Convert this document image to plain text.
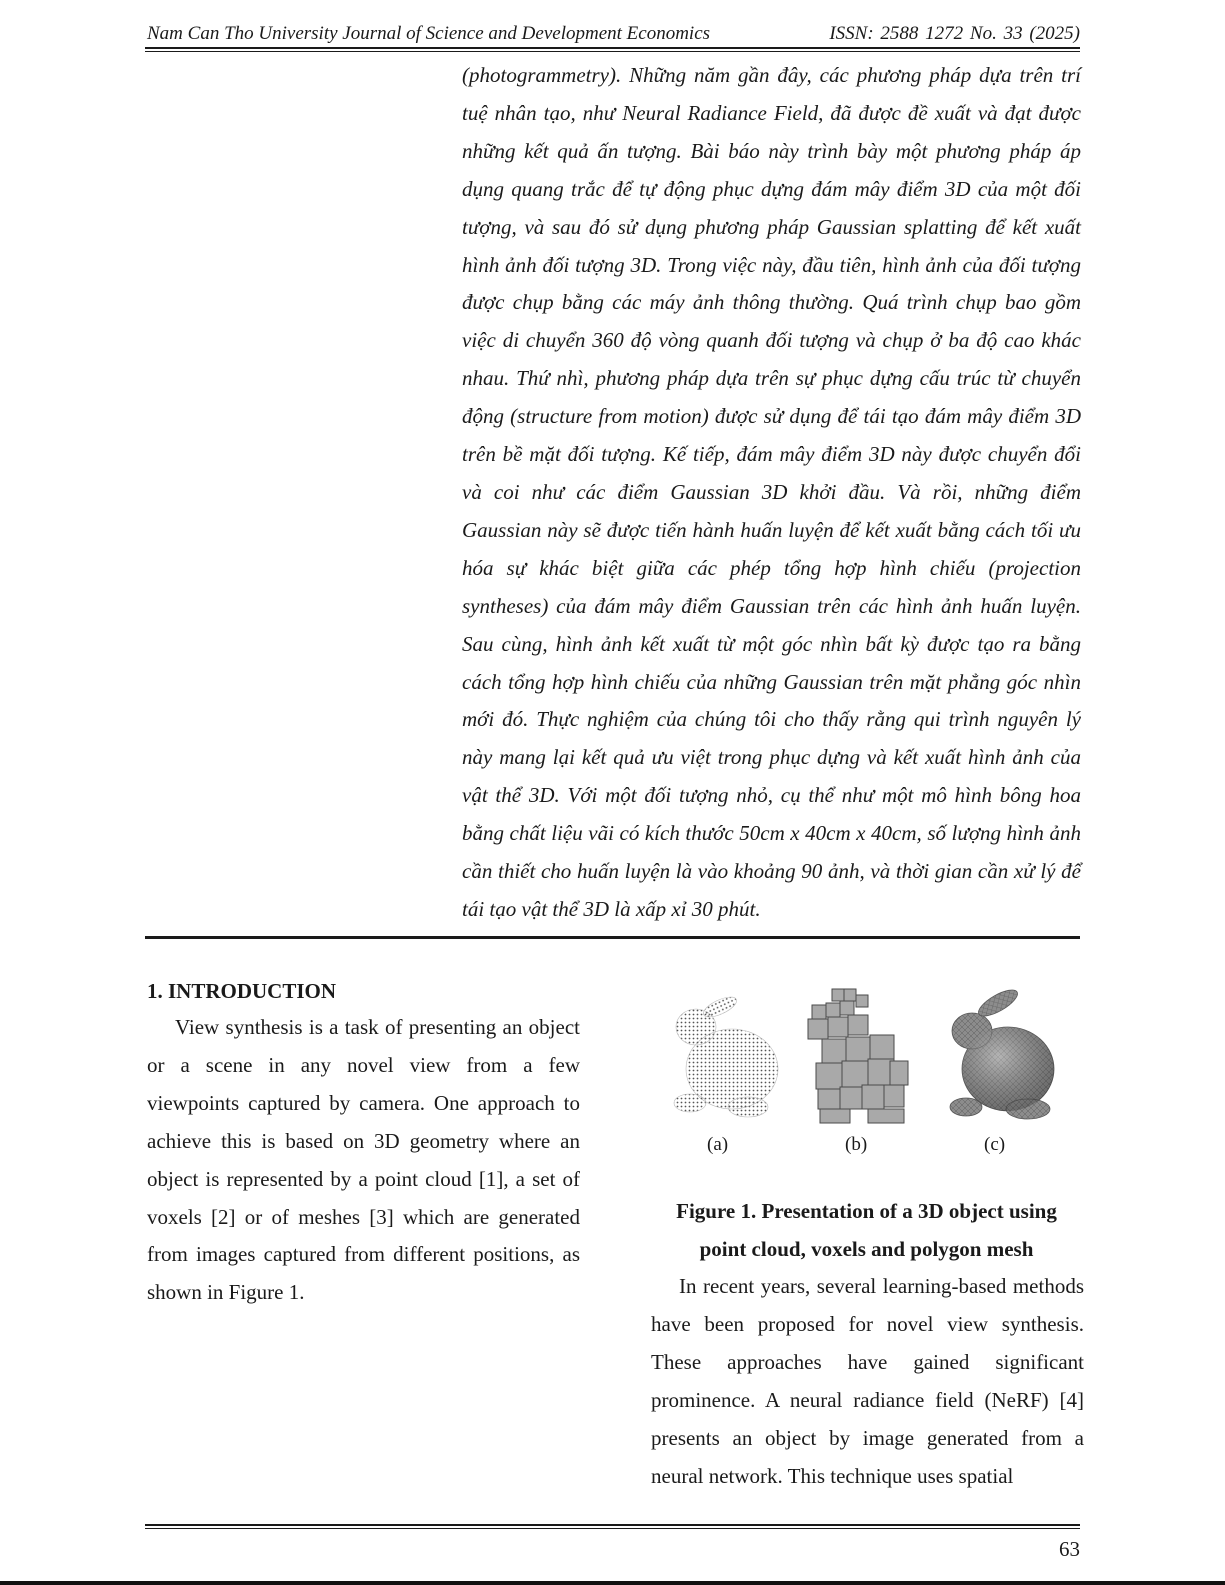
Nam Can Tho University Journal of Science and Development Economics	ISSN: 2588 1272 No. 33 (2025)

(photogrammetry). Những năm gần đây, các phương pháp dựa trên trí tuệ nhân tạo, như Neural Radiance Field, đã được đề xuất và đạt được những kết quả ấn tượng. Bài báo này trình bày một phương pháp áp dụng quang trắc để tự động phục dựng đám mây điểm 3D của một đối tượng, và sau đó sử dụng phương pháp Gaussian splatting để kết xuất hình ảnh đối tượng 3D. Trong việc này, đầu tiên, hình ảnh của đối tượng được chụp bằng các máy ảnh thông thường. Quá trình chụp bao gồm việc di chuyển 360 độ vòng quanh đối tượng và chụp ở ba độ cao khác nhau. Thứ nhì, phương pháp dựa trên sự phục dựng cấu trúc từ chuyển động (structure from motion) được sử dụng để tái tạo đám mây điểm 3D trên bề mặt đối tượng. Kế tiếp, đám mây điểm 3D này được chuyển đổi và coi như các điểm Gaussian 3D khởi đầu. Và rồi, những điểm Gaussian này sẽ được tiến hành huấn luyện để kết xuất bằng cách tối ưu hóa sự khác biệt giữa các phép tổng hợp hình chiếu (projection syntheses) của đám mây điểm Gaussian trên các hình ảnh huấn luyện. Sau cùng, hình ảnh kết xuất từ một góc nhìn bất kỳ được tạo ra bằng cách tổng hợp hình chiếu của những Gaussian trên mặt phẳng góc nhìn mới đó. Thực nghiệm của chúng tôi cho thấy rằng qui trình nguyên lý này mang lại kết quả ưu việt trong phục dựng và kết xuất hình ảnh của vật thể 3D. Với một đối tượng nhỏ, cụ thể như một mô hình bông hoa bằng chất liệu vãi có kích thước 50cm x 40cm x 40cm, số lượng hình ảnh cần thiết cho huấn luyện là vào khoảng 90 ảnh, và thời gian cần xử lý để tái tạo vật thể 3D là xấp xỉ 30 phút.

1. INTRODUCTION

View synthesis is a task of presenting an object or a scene in any novel view from a few viewpoints captured by camera. One approach to achieve this is based on 3D geometry where an object is represented by a point cloud [1], a set of voxels [2] or of meshes [3] which are generated from images captured from different positions, as shown in Figure 1.

(a)	(b)	(c)
Figure 1. Presentation of a 3D object using
point cloud, voxels and polygon mesh

In recent years, several learning-based methods have been proposed for novel view synthesis. These approaches have gained significant prominence. A neural radiance field (NeRF) [4] presents an object by image generated from a neural network. This technique uses spatial

63
